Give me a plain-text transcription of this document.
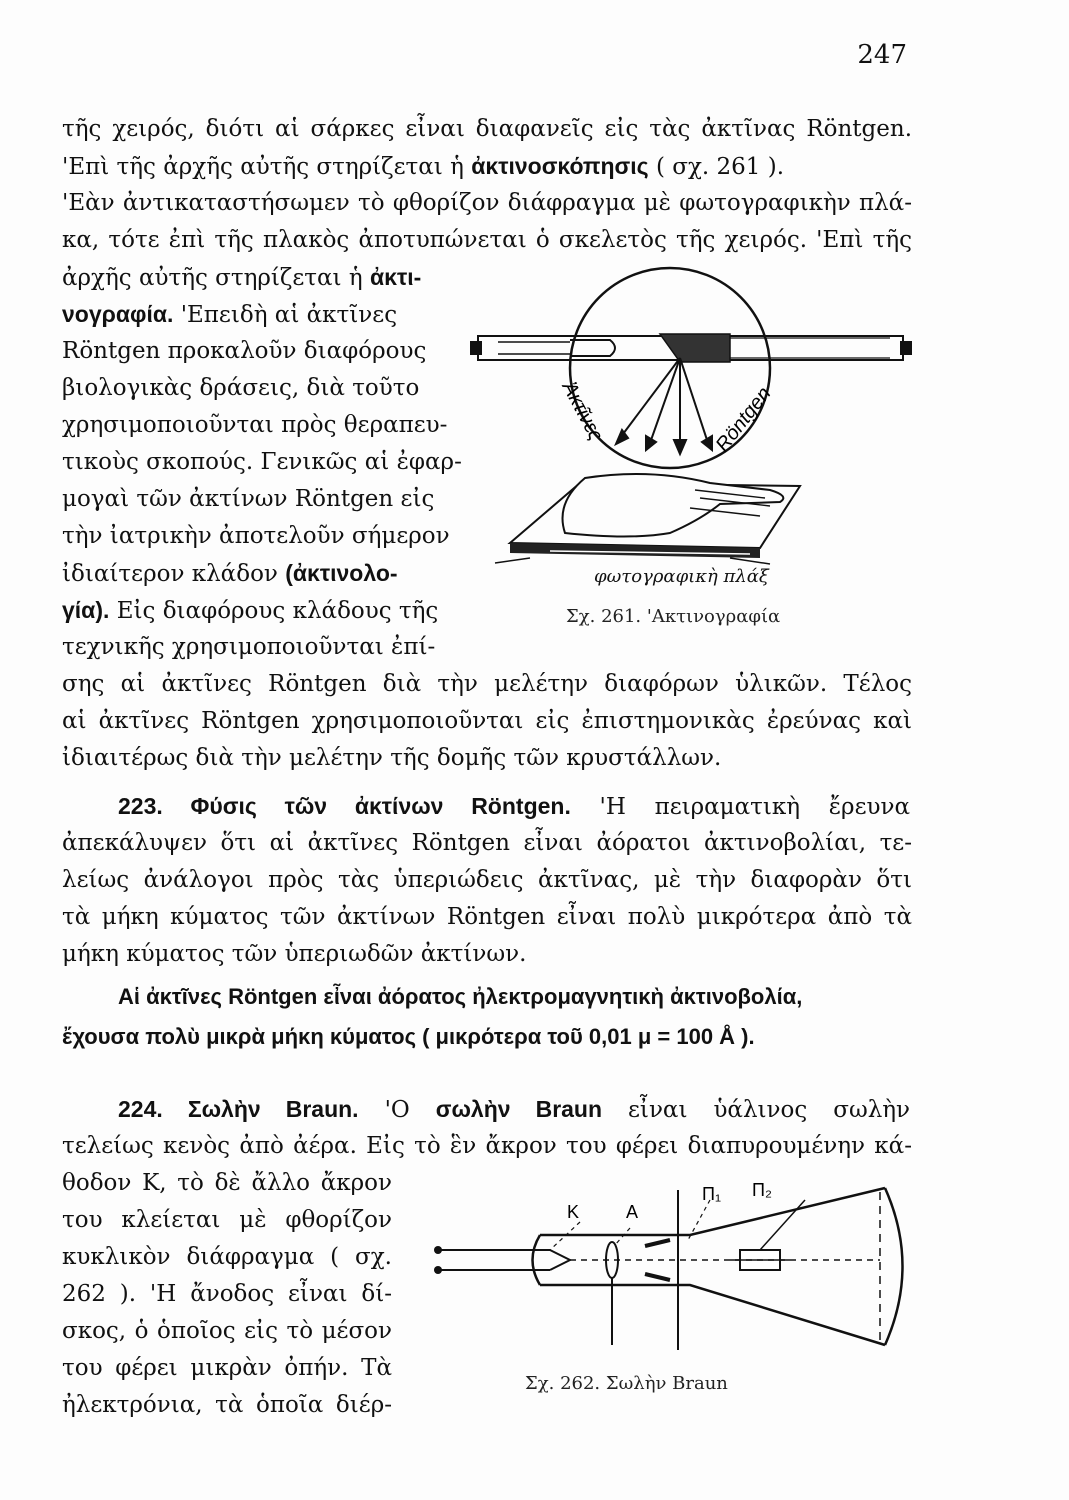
247
τῆς χειρός, διότι αἱ σάρκες εἶναι διαφανεῖς εἰς τὰς ἀκτῖνας Röntgen.
'Επὶ τῆς ἀρχῆς αὐτῆς στηρίζεται ἡ ἀκτινοσκόπησις ( σχ. 261 ).
'Εὰν ἀντικαταστήσωμεν τὸ φθορίζον διάφραγμα μὲ φωτογραφικὴν πλά-
κα, τότε ἐπὶ τῆς πλακὸς ἀποτυπώνεται ὁ σκελετὸς τῆς χειρός. 'Επὶ τῆς
ἀρχῆς αὐτῆς στηρίζεται ἡ ἀκτι-
νογραφία. 'Επειδὴ αἱ ἀκτῖνες
Röntgen προκαλοῦν διαφόρους
βιολογικὰς δράσεις, διὰ τοῦτο
χρησιμοποιοῦνται πρὸς θεραπευ-
τικοὺς σκοπούς. Γενικῶς αἱ ἐφαρ-
μογαὶ τῶν ἀκτίνων Röntgen εἰς
τὴν ἰατρικὴν ἀποτελοῦν σήμερον
ἰδιαίτερον κλάδον (ἀκτινολο-
γία). Εἰς διαφόρους κλάδους τῆς
τεχνικῆς χρησιμοποιοῦνται ἐπί-
σης αἱ ἀκτῖνες Röntgen διὰ τὴν μελέτην διαφόρων ὑλικῶν. Τέλος
αἱ ἀκτῖνες Röntgen χρησιμοποιοῦνται εἰς ἐπιστημονικὰς ἐρεύνας καὶ
ἰδιαιτέρως διὰ τὴν μελέτην τῆς δομῆς τῶν κρυστάλλων.
Ἀκτῖνες	Röntgen
φωτογραφικὴ πλάξ
Σχ. 261. 'Ακτινογραφία
223. Φύσις τῶν ἀκτίνων Röntgen. 'Η πειραματικὴ ἔρευνα
ἀπεκάλυψεν ὅτι αἱ ἀκτῖνες Röntgen εἶναι ἀόρατοι ἀκτινοβολίαι, τε-
λείως ἀνάλογοι πρὸς τὰς ὑπεριώδεις ἀκτῖνας, μὲ τὴν διαφορὰν ὅτι
τὰ μήκη κύματος τῶν ἀκτίνων Röntgen εἶναι πολὺ μικρότερα ἀπὸ τὰ
μήκη κύματος τῶν ὑπεριωδῶν ἀκτίνων.
Αἱ ἀκτῖνες Röntgen εἶναι ἀόρατος ἠλεκτρομαγνητικὴ ἀκτινοβολία,
ἔχουσα πολὺ μικρὰ μήκη κύματος ( μικρότερα τοῦ 0,01 μ = 100 Å ).
224. Σωλὴν Braun. 'Ο σωλὴν Braun εἶναι ὑάλινος σωλὴν
τελείως κενὸς ἀπὸ ἀέρα. Εἰς τὸ ἓν ἄκρον του φέρει διαπυρουμένην κά-
θοδον Κ, τὸ δὲ ἄλλο ἄκρον
του κλείεται μὲ φθορίζον
κυκλικὸν διάφραγμα ( σχ.
262 ). 'Η ἄνοδος εἶναι δί-
σκος, ὁ ὁποῖος εἰς τὸ μέσον
του φέρει μικρὰν ὀπήν. Τὰ
ἠλεκτρόνια, τὰ ὁποῖα διέρ-
Κ	Α
Π₁ Π₂
Σχ. 262. Σωλὴν Braun
